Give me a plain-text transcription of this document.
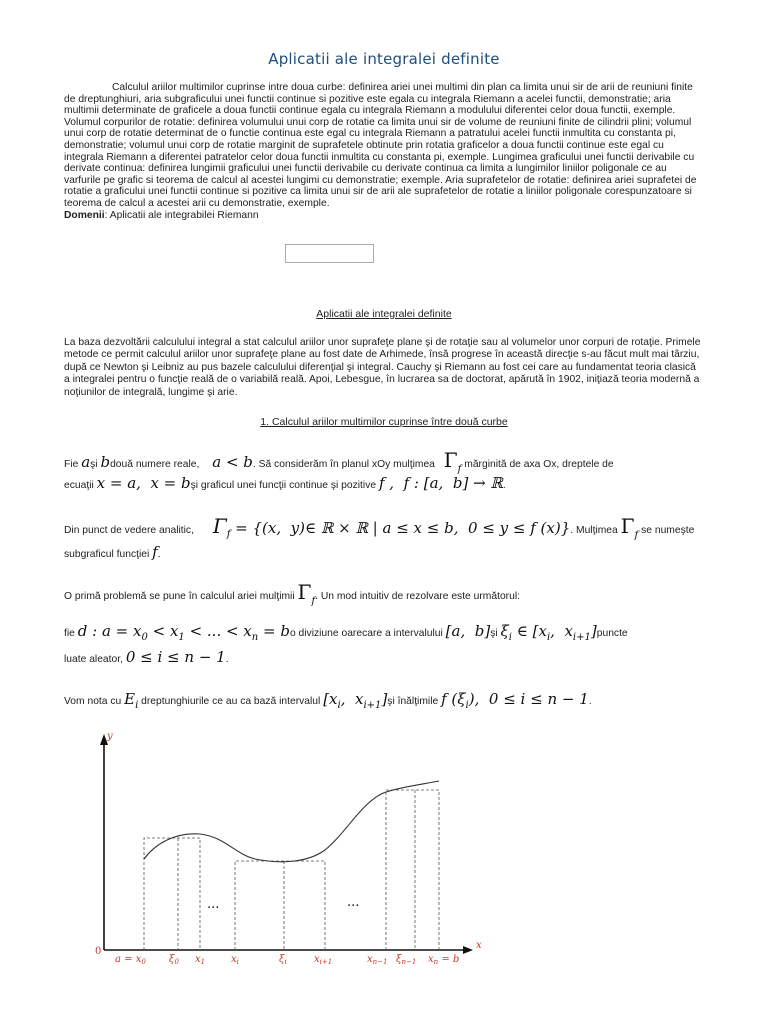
Aplicatii ale integralei definite

Calculul ariilor multimilor cuprinse intre doua curbe: definirea ariei unei multimi din plan ca limita unui sir de arii de reuniuni finite de dreptunghiuri, aria subgraficului unei functii continue si pozitive este egala cu integrala Riemann a acelei functii, demonstratie; aria multimii determinate de graficele a doua functii continue egala cu integrala Riemann a modulului diferentei celor doua functii, exemple. Volumul corpurilor de rotatie: definirea volumului unui corp de rotatie ca limita unui sir de volume de reuniuni finite de cilindrii plini; volumul unui corp de rotatie determinat de o functie continua este egal cu integrala Riemann a patratului acelei functii inmultita cu constanta pi, demonstratie; volumul unui corp de rotatie marginit de suprafetele obtinute prin rotatia graficelor a doua functii continue este egal cu integrala Riemann a diferentei patratelor celor doua functii inmultita cu constanta pi, exemple. Lungimea graficului unei functii derivabile cu derivate continua: definirea lungimii graficului unei functii derivabile cu derivate continua ca limita a lungimilor liniilor poligonale ce au varfurile pe grafic si teorema de calcul al acestei lungimi cu demonstratie; exemple. Aria suprafetelor de rotatie: definirea ariei suprafetei de rotatie a graficului unei functii continue si pozitive ca limita unui sir de arii ale suprafetelor de rotatie a liniilor poligonale corespunzatoare si teorema de calcul a acestei arii cu demonstratie, exemple.

Domenii: Aplicatii ale integrabilei Riemann
Aplicatii ale integralei definite
La baza dezvoltării calculului integral a stat calculul ariilor unor suprafeţe plane şi de rotaţie sau al volumelor unor corpuri de rotaţie. Primele metode ce permit calculul ariilor unor suprafeţe plane au fost date de Arhimede, însă progrese în această direcţie s-au făcut mult mai târziu, după ce Newton şi Leibniz au pus bazele calculului diferenţial şi integral. Cauchy şi Riemann au fost cei care au fundamentat teoria clasică a integralei pentru o funcţie reală de o variabilă reală. Apoi, Lebesgue, în lucrarea sa de doctorat, apărută în 1902, iniţiază teoria modernă a noţiunilor de integrală, lungime şi arie.
1. Calculul ariilor multimilor cuprinse între două curbe
Fie aşi bdouă numere reale, a < b. Să considerăm în planul xOy mulţimea $\Gamma_f$ mărginită de axa Ox, dreptele de
ecuaţii x = a,  x = bşi graficul unei funcţii continue şi pozitive f ,  f : [a,  b] → ℝ.
Din punct de vedere analitic, $\Gamma_f = \{(x$,  y)∈ ℝ × ℝ | a ≤ x ≤ b,  0 ≤ y ≤ f (x)}. Mulţimea $\Gamma_f$ se numeşte
subgraficul funcţiei f.
O primă problemă se pune în calculul ariei mulţimii $\Gamma_f$. Un mod intuitiv de rezolvare este următorul:
fie d : $a = x_0 < x_1$ < ... < $x_n$ = bo diviziune oarecare a intervalului [a,  b]şi $\xi_i$ ∈ [$x_i$,  $x_{i+1}]puncte$
luate aleator, 0 ≤ i ≤ n − 1.
Vom nota cu $E_i$ dreptunghiurile ce au ca bază intervalul [$x_i$,  $x_{i+1}]şi$ înălţimile f $(\xi_i)$,  0 ≤ i ≤ n − 1.
y
x
0
...	...
$a = x_0$ $\xi_0$ $x_1$	$x_i$	$\xi_i$	$x_{i+1}$	$x_{n-1}$ $\xi_{n-1}$ $x_n = b$
